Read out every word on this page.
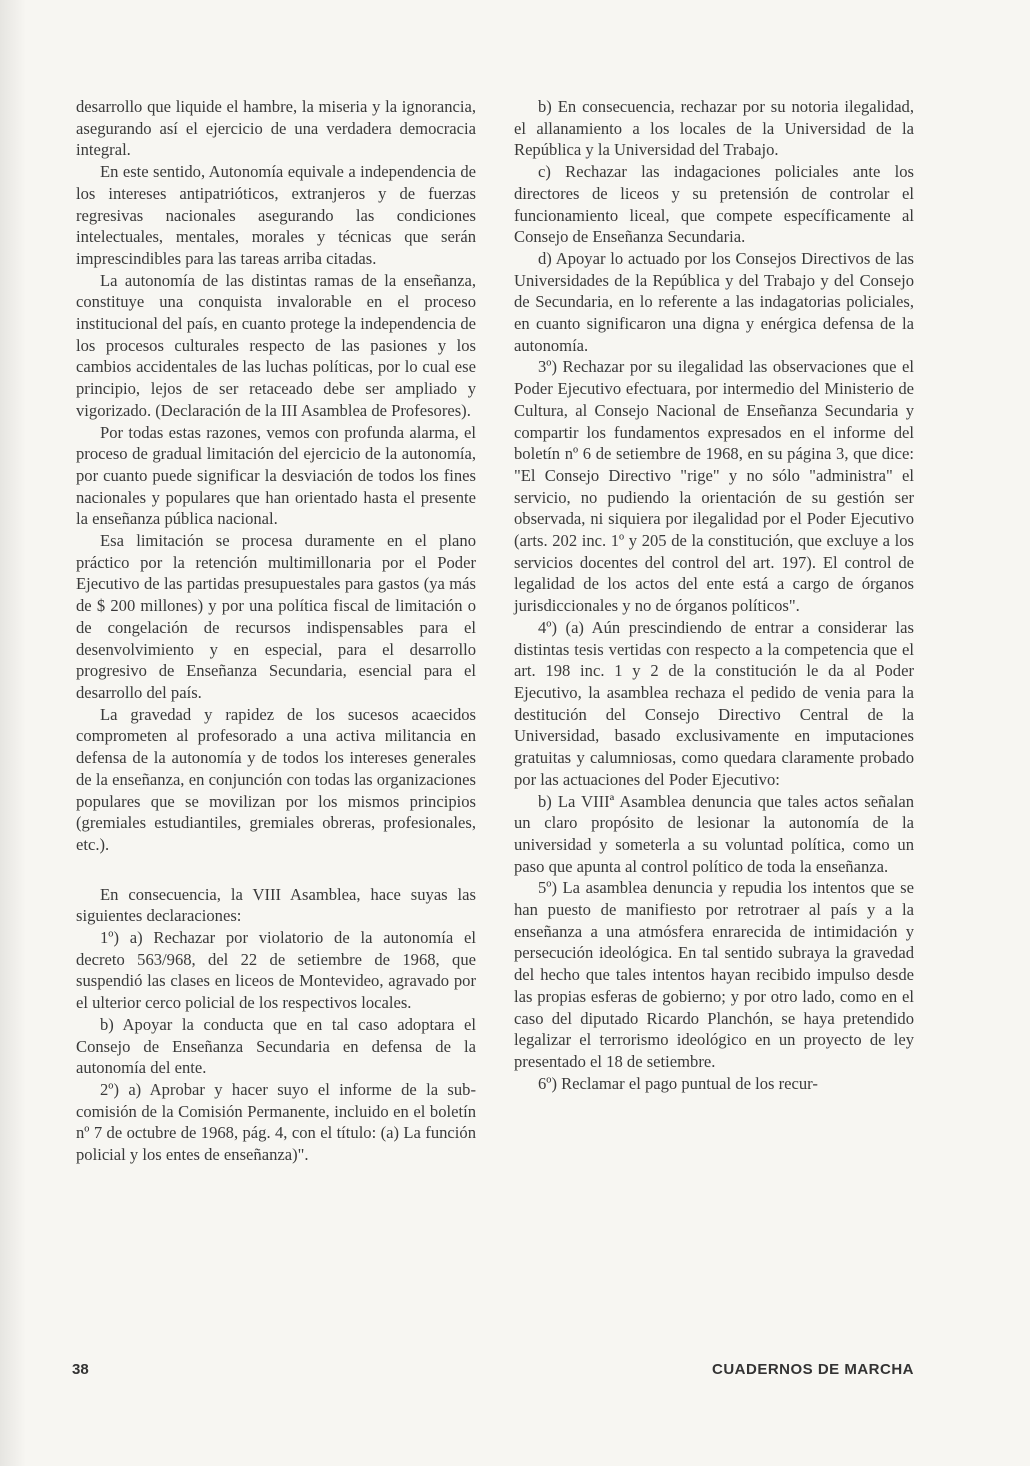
desarrollo que liquide el hambre, la miseria y la ignorancia, asegurando así el ejercicio de una verdadera democracia integral.

En este sentido, Autonomía equivale a independencia de los intereses antipatrióticos, extranjeros y de fuerzas regresivas nacionales asegurando las condiciones intelectuales, mentales, morales y técnicas que serán imprescindibles para las tareas arriba citadas.

La autonomía de las distintas ramas de la enseñanza, constituye una conquista invalorable en el proceso institucional del país, en cuanto protege la independencia de los procesos culturales respecto de las pasiones y los cambios accidentales de las luchas políticas, por lo cual ese principio, lejos de ser retaceado debe ser ampliado y vigorizado. (Declaración de la III Asamblea de Profesores).

Por todas estas razones, vemos con profunda alarma, el proceso de gradual limitación del ejercicio de la autonomía, por cuanto puede significar la desviación de todos los fines nacionales y populares que han orientado hasta el presente la enseñanza pública nacional.

Esa limitación se procesa duramente en el plano práctico por la retención multimillonaria por el Poder Ejecutivo de las partidas presupuestales para gastos (ya más de $ 200 millones) y por una política fiscal de limitación o de congelación de recursos indispensables para el desenvolvimiento y en especial, para el desarrollo progresivo de Enseñanza Secundaria, esencial para el desarrollo del país.

La gravedad y rapidez de los sucesos acaecidos comprometen al profesorado a una activa militancia en defensa de la autonomía y de todos los intereses generales de la enseñanza, en conjunción con todas las organizaciones populares que se movilizan por los mismos principios (gremiales estudiantiles, gremiales obreras, profesionales, etc.).

En consecuencia, la VIII Asamblea, hace suyas las siguientes declaraciones:

1º) a) Rechazar por violatorio de la autonomía el decreto 563/968, del 22 de setiembre de 1968, que suspendió las clases en liceos de Montevideo, agravado por el ulterior cerco policial de los respectivos locales.

b) Apoyar la conducta que en tal caso adoptara el Consejo de Enseñanza Secundaria en defensa de la autonomía del ente.

2º) a) Aprobar y hacer suyo el informe de la sub-comisión de la Comisión Permanente, incluido en el boletín nº 7 de octubre de 1968, pág. 4, con el título: (a) La función policial y los entes de enseñanza)".

b) En consecuencia, rechazar por su notoria ilegalidad, el allanamiento a los locales de la Universidad de la República y la Universidad del Trabajo.

c) Rechazar las indagaciones policiales ante los directores de liceos y su pretensión de controlar el funcionamiento liceal, que compete específicamente al Consejo de Enseñanza Secundaria.

d) Apoyar lo actuado por los Consejos Directivos de las Universidades de la República y del Trabajo y del Consejo de Secundaria, en lo referente a las indagatorias policiales, en cuanto significaron una digna y enérgica defensa de la autonomía.

3º) Rechazar por su ilegalidad las observaciones que el Poder Ejecutivo efectuara, por intermedio del Ministerio de Cultura, al Consejo Nacional de Enseñanza Secundaria y compartir los fundamentos expresados en el informe del boletín nº 6 de setiembre de 1968, en su página 3, que dice: "El Consejo Directivo "rige" y no sólo "administra" el servicio, no pudiendo la orientación de su gestión ser observada, ni siquiera por ilegalidad por el Poder Ejecutivo (arts. 202 inc. 1º y 205 de la constitución, que excluye a los servicios docentes del control del art. 197). El control de legalidad de los actos del ente está a cargo de órganos jurisdiccionales y no de órganos políticos".

4º) (a) Aún prescindiendo de entrar a considerar las distintas tesis vertidas con respecto a la competencia que el art. 198 inc. 1 y 2 de la constitución le da al Poder Ejecutivo, la asamblea rechaza el pedido de venia para la destitución del Consejo Directivo Central de la Universidad, basado exclusivamente en imputaciones gratuitas y calumniosas, como quedara claramente probado por las actuaciones del Poder Ejecutivo:

b) La VIIIª Asamblea denuncia que tales actos señalan un claro propósito de lesionar la autonomía de la universidad y someterla a su voluntad política, como un paso que apunta al control político de toda la enseñanza.

5º) La asamblea denuncia y repudia los intentos que se han puesto de manifiesto por retrotraer al país y a la enseñanza a una atmósfera enrarecida de intimidación y persecución ideológica. En tal sentido subraya la gravedad del hecho que tales intentos hayan recibido impulso desde las propias esferas de gobierno; y por otro lado, como en el caso del diputado Ricardo Planchón, se haya pretendido legalizar el terrorismo ideológico en un proyecto de ley presentado el 18 de setiembre.

6º) Reclamar el pago puntual de los recur-

38	CUADERNOS DE MARCHA
